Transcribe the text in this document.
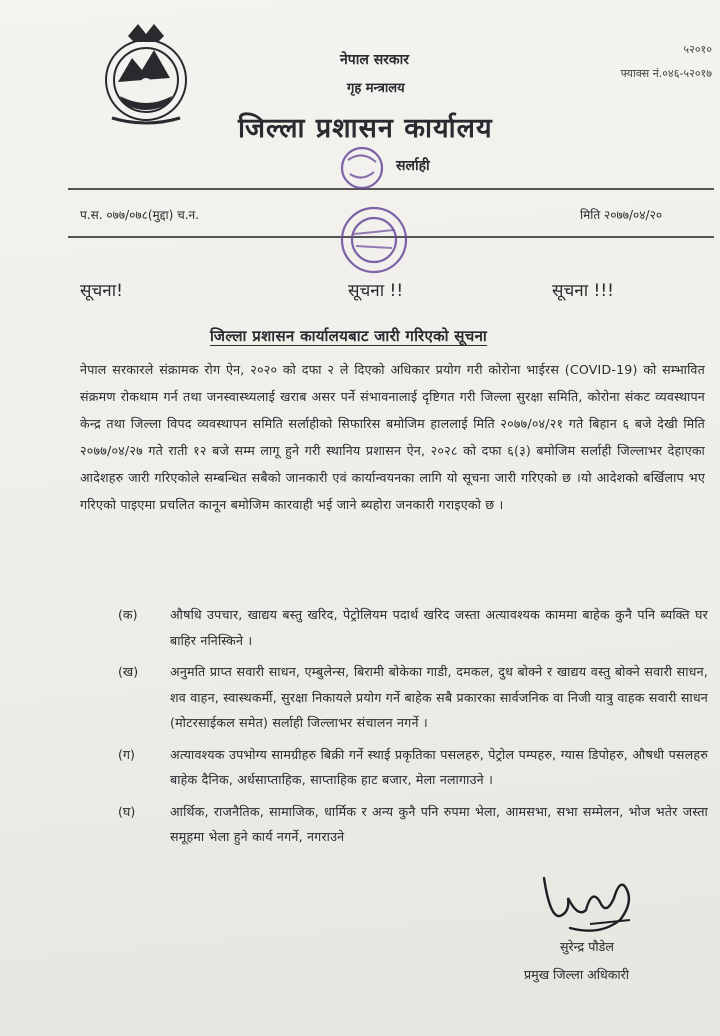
नेपाल सरकार
गृह मन्त्रालय
जिल्ला प्रशासन कार्यालय
सर्लाही
५२०१०
फ्याक्स नं.०४६-५२०१७
प.स. ०७७/०७८(मुद्दा) च.न.	मिति २०७७/०४/२०
सूचना!	सूचना !!	सूचना !!!
जिल्ला प्रशासन कार्यालयबाट जारी गरिएको सूचना
नेपाल सरकारले संक्रामक रोग ऐन, २०२० को दफा २ ले दिएको अधिकार प्रयोग गरी कोरोना भाईरस (COVID-19) को सम्भावित संक्रमण रोकथाम गर्न तथा जनस्वास्थ्यलाई खराब असर पर्ने संभावनालाई दृष्टिगत गरी जिल्ला सुरक्षा समिति, कोरोना संकट व्यवस्थापन केन्द्र तथा जिल्ला विपद व्यवस्थापन समिति सर्लाहीको सिफारिस बमोजिम हाललाई मिति २०७७/०४/२१ गते बिहान ६ बजे देखी मिति २०७७/०४/२७ गते राती १२ बजे सम्म लागू हुने गरी स्थानिय प्रशासन ऐन, २०२८ को दफा ६(३) बमोजिम सर्लाही जिल्लाभर देहाएका आदेशहरु जारी गरिएकोले सम्बन्धित सबैको जानकारी एवं कार्यान्वयनका लागि यो सूचना जारी गरिएको छ ।यो आदेशको बर्खिलाप भए गरिएको पाइएमा प्रचलित कानून बमोजिम कारवाही भई जाने ब्यहोरा जनकारी गराइएको छ ।
(क)	औषधि उपचार, खाद्यय बस्तु खरिद, पेट्रोलियम पदार्थ खरिद जस्ता अत्यावश्यक काममा बाहेक कुनै पनि ब्यक्ति घर बाहिर ननिस्किने ।
(ख)	अनुमति प्राप्त सवारी साधन, एम्बुलेन्स, बिरामी बोकेका गाडी, दमकल, दुध बोक्ने र खाद्यय वस्तु बोक्ने सवारी साधन, शव वाहन, स्वास्थकर्मी, सुरक्षा निकायले प्रयोग गर्ने बाहेक सबै प्रकारका सार्वजनिक वा निजी यात्रु वाहक सवारी साधन (मोटरसाईकल समेत) सर्लाही जिल्लाभर संचालन नगर्ने ।
(ग)	अत्यावश्यक उपभोग्य सामग्रीहरु बिक्री गर्ने स्थाई प्रकृतिका पसलहरु, पेट्रोल पम्पहरु, ग्यास डिपोहरु, औषधी पसलहरु बाहेक दैनिक, अर्धसाप्ताहिक, साप्ताहिक हाट बजार, मेला नलागाउने ।
(घ)	आर्थिक, राजनैतिक, सामाजिक, धार्मिक र अन्य कुनै पनि रुपमा भेला, आमसभा, सभा सम्मेलन, भोज भतेर जस्ता समूहमा भेला हुने कार्य नगर्ने, नगराउने
सुरेन्द्र पौडेल
प्रमुख जिल्ला अधिकारी
